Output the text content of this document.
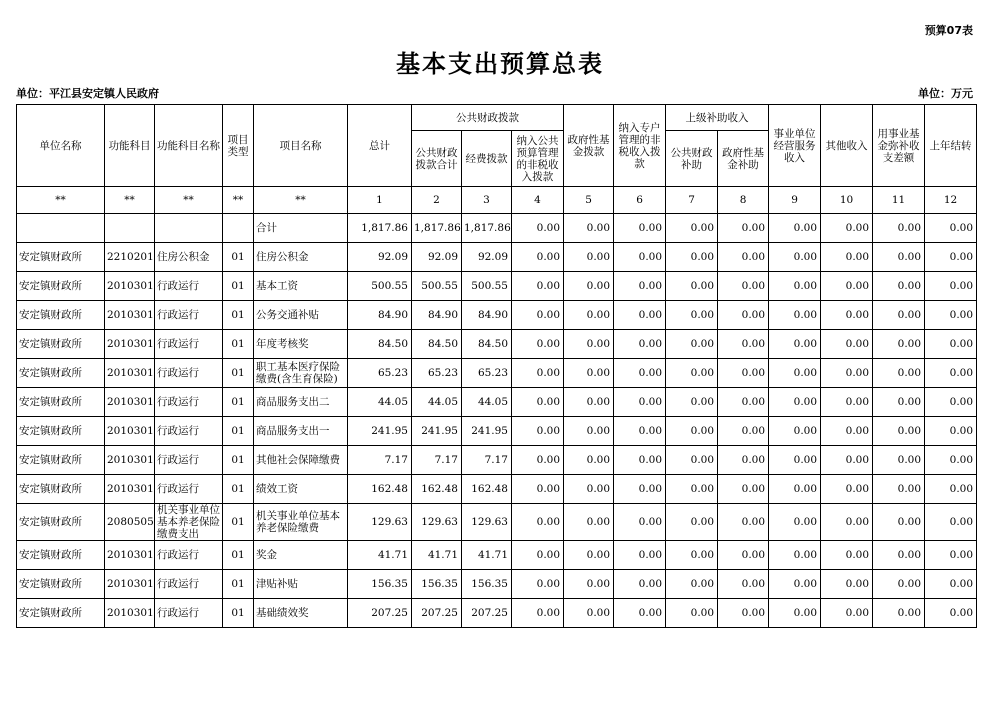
预算07表
基本支出预算总表
单位：平江县安定镇人民政府	单位：万元
单位名称	功能科目	功能科目名称	项目类型	项目名称	总计	公共财政拨款			政府性基金拨款	纳入专户管理的非税收入拨款	上级补助收入		事业单位经营服务收入	其他收入	用事业基金弥补收支差额	上年结转
						公共财政拨款合计	经费拨款	纳入公共预算管理的非税收入拨款			公共财政补助	政府性基金补助				
**	**	**	**	**	1	2	3	4	5	6	7	8	9	10	11	12
				合计	1,817.86	1,817.86	1,817.86	0.00	0.00	0.00	0.00	0.00	0.00	0.00	0.00	0.00
安定镇财政所	2210201	住房公积金	01	住房公积金	92.09	92.09	92.09	0.00	0.00	0.00	0.00	0.00	0.00	0.00	0.00	0.00
安定镇财政所	2010301	行政运行	01	基本工资	500.55	500.55	500.55	0.00	0.00	0.00	0.00	0.00	0.00	0.00	0.00	0.00
安定镇财政所	2010301	行政运行	01	公务交通补贴	84.90	84.90	84.90	0.00	0.00	0.00	0.00	0.00	0.00	0.00	0.00	0.00
安定镇财政所	2010301	行政运行	01	年度考核奖	84.50	84.50	84.50	0.00	0.00	0.00	0.00	0.00	0.00	0.00	0.00	0.00
安定镇财政所	2010301	行政运行	01	职工基本医疗保险缴费(含生育保险)	65.23	65.23	65.23	0.00	0.00	0.00	0.00	0.00	0.00	0.00	0.00	0.00
安定镇财政所	2010301	行政运行	01	商品服务支出二	44.05	44.05	44.05	0.00	0.00	0.00	0.00	0.00	0.00	0.00	0.00	0.00
安定镇财政所	2010301	行政运行	01	商品服务支出一	241.95	241.95	241.95	0.00	0.00	0.00	0.00	0.00	0.00	0.00	0.00	0.00
安定镇财政所	2010301	行政运行	01	其他社会保障缴费	7.17	7.17	7.17	0.00	0.00	0.00	0.00	0.00	0.00	0.00	0.00	0.00
安定镇财政所	2010301	行政运行	01	绩效工资	162.48	162.48	162.48	0.00	0.00	0.00	0.00	0.00	0.00	0.00	0.00	0.00
安定镇财政所	2080505	机关事业单位基本养老保险缴费支出	01	机关事业单位基本养老保险缴费	129.63	129.63	129.63	0.00	0.00	0.00	0.00	0.00	0.00	0.00	0.00	0.00
安定镇财政所	2010301	行政运行	01	奖金	41.71	41.71	41.71	0.00	0.00	0.00	0.00	0.00	0.00	0.00	0.00	0.00
安定镇财政所	2010301	行政运行	01	津贴补贴	156.35	156.35	156.35	0.00	0.00	0.00	0.00	0.00	0.00	0.00	0.00	0.00
安定镇财政所	2010301	行政运行	01	基础绩效奖	207.25	207.25	207.25	0.00	0.00	0.00	0.00	0.00	0.00	0.00	0.00	0.00
